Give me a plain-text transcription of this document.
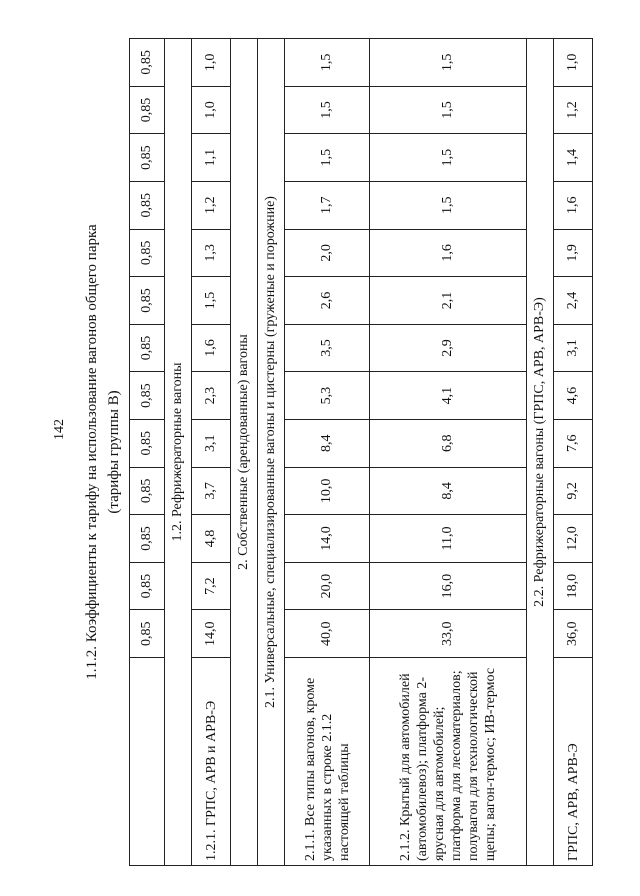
142 1.1.2. Коэффициенты к тарифу на использование вагонов общего парка (тарифы группы В)
	0,85	0,85	0,85	0,85	0,85	0,85	0,85	0,85	0,85	0,85	0,85	0,85	0,85
1.2. Рефрижераторные вагоны													
1.2.1. ГРПС, АРВ и АРВ-Э	14,0	7,2	4,8	3,7	3,1	2,3	1,6	1,5	1,3	1,2	1,1	1,0	1,0
2. Собственные (арендованные) вагоны													
2.1. Универсальные, специализированные вагоны и цистерны (груженые и порожние)													
2.1.1. Все типы вагонов, кроме указанных в строке 2.1.2 настоящей таблицы	40,0	20,0	14,0	10,0	8,4	5,3	3,5	2,6	2,0	1,7	1,5	1,5	1,5
2.1.2. Крытый для автомобилей (автомобилевоз); платформа 2-ярусная для автомобилей; платформа для лесоматериалов; полувагон для технологической щепы; вагон-термос; ИВ-термос	33,0	16,0	11,0	8,4	6,8	4,1	2,9	2,1	1,6	1,5	1,5	1,5	1,5
2.2. Рефрижераторные вагоны (ГРПС, АРВ, АРВ-Э)													
ГРПС, АРВ, АРВ-Э	36,0	18,0	12,0	9,2	7,6	4,6	3,1	2,4	1,9	1,6	1,4	1,2	1,0
